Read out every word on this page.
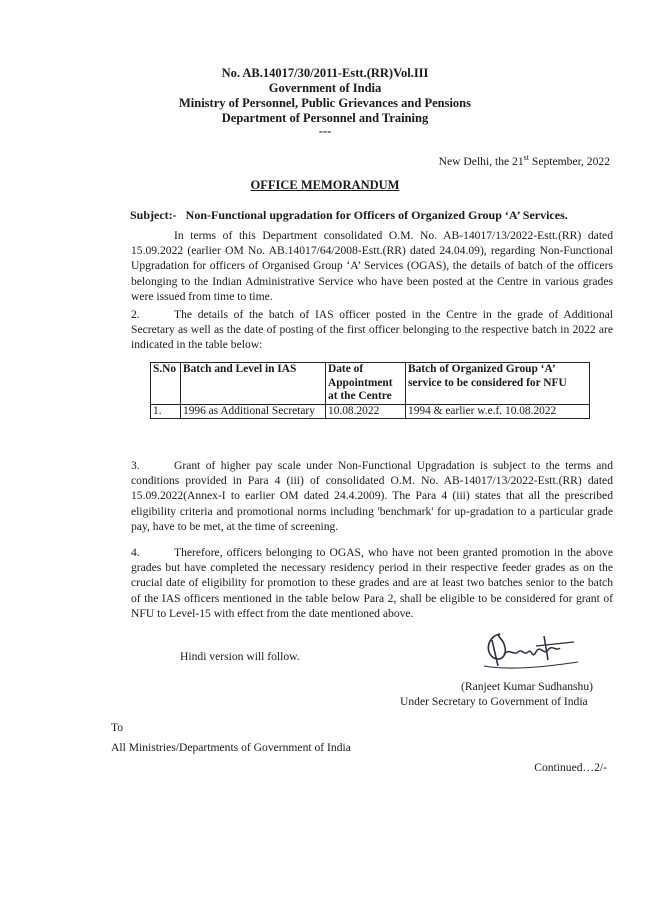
No. AB.14017/30/2011-Estt.(RR)Vol.III
Government of India
Ministry of Personnel, Public Grievances and Pensions
Department of Personnel and Training
---
New Delhi, the 21st September, 2022
OFFICE MEMORANDUM
Subject:- Non-Functional upgradation for Officers of Organized Group ‘A’ Services.
In terms of this Department consolidated O.M. No. AB-14017/13/2022-Estt.(RR) dated 15.09.2022 (earlier OM No. AB.14017/64/2008-Estt.(RR) dated 24.04.09), regarding Non-Functional Upgradation for officers of Organised Group ‘A’ Services (OGAS), the details of batch of the officers belonging to the Indian Administrative Service who have been posted at the Centre in various grades were issued from time to time.
2.	The details of the batch of IAS officer posted in the Centre in the grade of Additional Secretary as well as the date of posting of the first officer belonging to the respective batch in 2022 are indicated in the table below:
S.No	Batch and Level in IAS	Date of Appointment at the Centre	Batch of Organized Group ‘A’ service to be considered for NFU
1.	1996 as Additional Secretary	10.08.2022	1994 & earlier w.e.f. 10.08.2022
3.	Grant of higher pay scale under Non-Functional Upgradation is subject to the terms and conditions provided in Para 4 (iii) of consolidated O.M. No. AB-14017/13/2022-Estt.(RR) dated 15.09.2022(Annex-I to earlier OM dated 24.4.2009). The Para 4 (iii) states that all the prescribed eligibility criteria and promotional norms including 'benchmark' for up-gradation to a particular grade pay, have to be met, at the time of screening.
4.	Therefore, officers belonging to OGAS, who have not been granted promotion in the above grades but have completed the necessary residency period in their respective feeder grades as on the crucial date of eligibility for promotion to these grades and are at least two batches senior to the batch of the IAS officers mentioned in the table below Para 2, shall be eligible to be considered for grant of NFU to Level-15 with effect from the date mentioned above.
Hindi version will follow.
(Ranjeet Kumar Sudhanshu)
Under Secretary to Government of India
To
All Ministries/Departments of Government of India
Continued…2/-
